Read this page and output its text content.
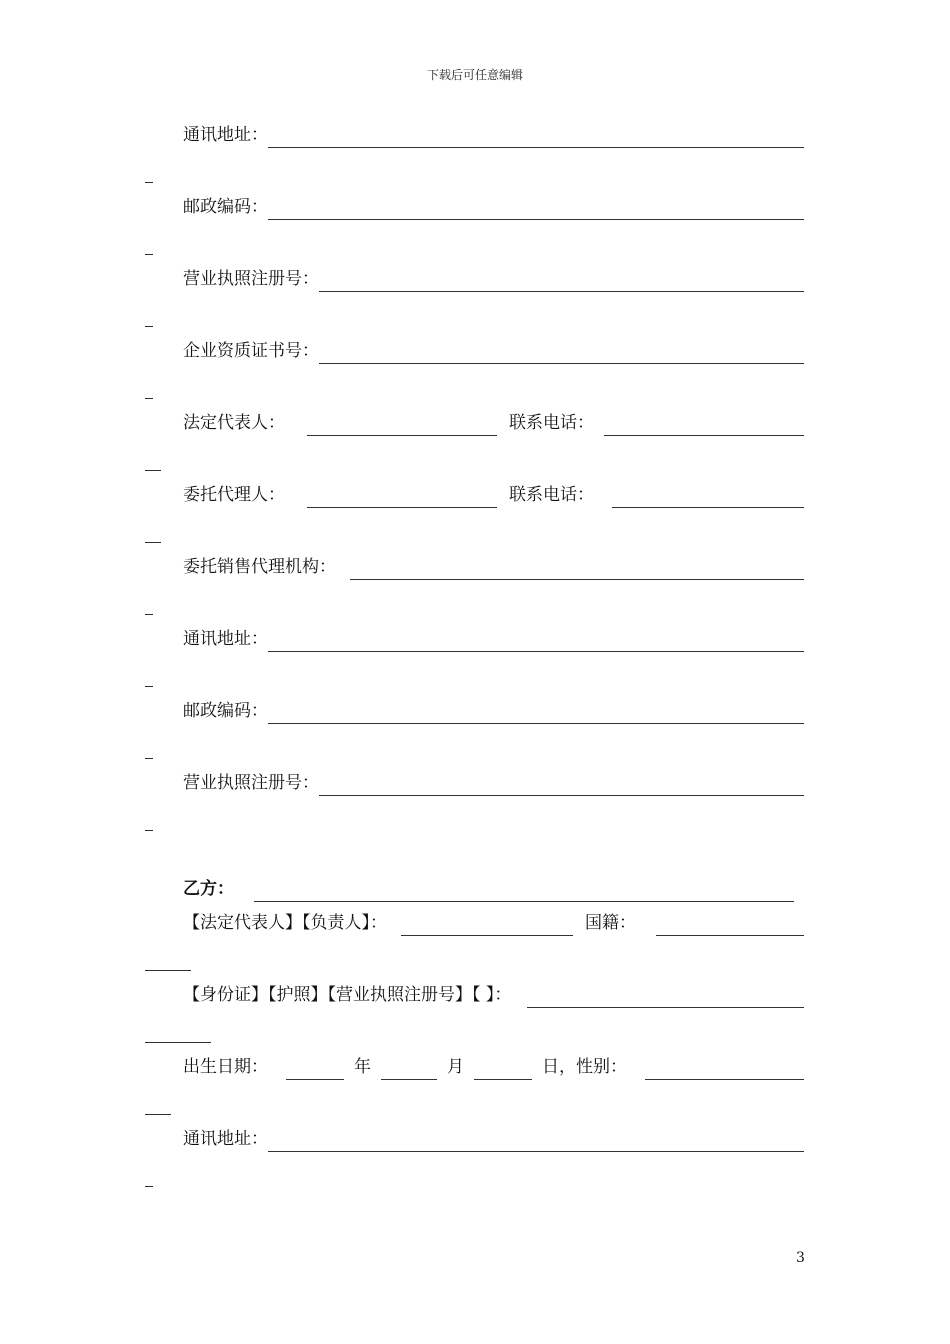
下载后可任意编辑
通讯地址：
邮政编码：
营业执照注册号：
企业资质证书号：
法定代表人：	联系电话：
委托代理人：	联系电话：
委托销售代理机构：
通讯地址：
邮政编码：
营业执照注册号：
乙方：
【法定代表人】【负责人】：	国籍：
【身份证】【护照】【营业执照注册号】【 】：
出生日期：	年	月	日，性别：
通讯地址：
3
